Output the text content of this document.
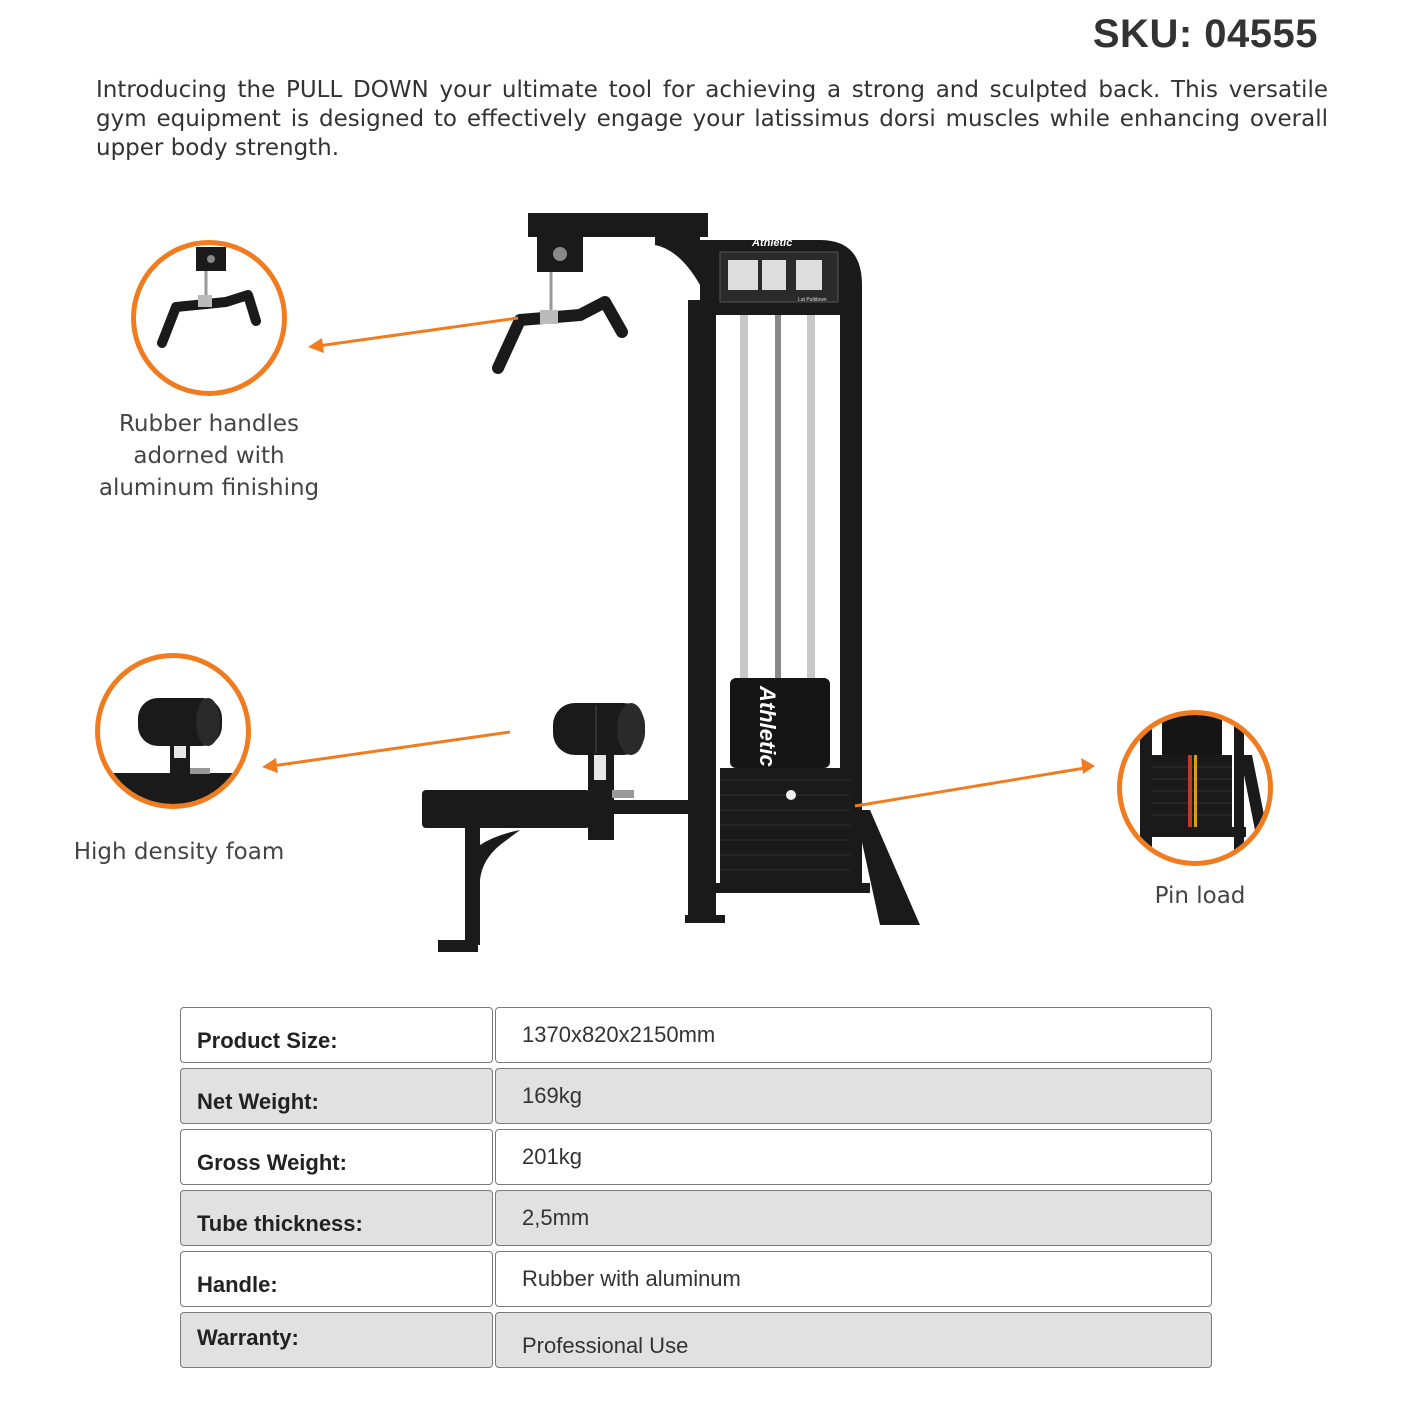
SKU: 04555
Introducing the PULL DOWN your ultimate tool for achieving a strong and sculpted back. This versatile gym equipment is designed to effectively engage your latissimus dorsi muscles while enhancing overall upper body strength.
Athletic
Lat Pulldown
Athletic
Rubber handles adorned with aluminum finishing
High density foam
Pin load
Product Size:	1370x820x2150mm
Net Weight:	169kg
Gross Weight:	201kg
Tube thickness:	2,5mm
Handle:	Rubber with aluminum
Warranty:	Professional Use
